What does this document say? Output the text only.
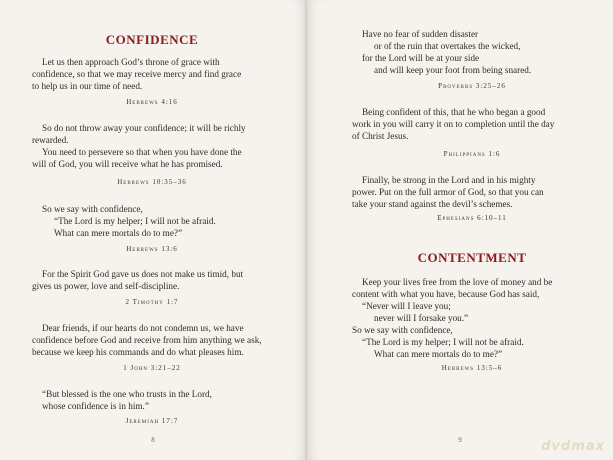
CONFIDENCE
Let us then approach God’s throne of grace with
confidence, so that we may receive mercy and find grace
to help us in our time of need.
Hebrews 4:16
So do not throw away your confidence; it will be richly
rewarded.
You need to persevere so that when you have done the
will of God, you will receive what he has promised.
Hebrews 10:35–36
So we say with confidence,
“The Lord is my helper; I will not be afraid.
What can mere mortals do to me?”
Hebrews 13:6
For the Spirit God gave us does not make us timid, but
gives us power, love and self-discipline.
2 Timothy 1:7
Dear friends, if our hearts do not condemn us, we have
confidence before God and receive from him anything we ask,
because we keep his commands and do what pleases him.
1 John 3:21–22
“But blessed is the one who trusts in the Lord,
whose confidence is in him.”
Jeremiah 17:7
8
Have no fear of sudden disaster
or of the ruin that overtakes the wicked,
for the Lord will be at your side
and will keep your foot from being snared.
Proverbs 3:25–26
Being confident of this, that he who began a good
work in you will carry it on to completion until the day
of Christ Jesus.
Philippians 1:6
Finally, be strong in the Lord and in his mighty
power. Put on the full armor of God, so that you can
take your stand against the devil’s schemes.
Ephesians 6:10–11
CONTENTMENT
Keep your lives free from the love of money and be
content with what you have, because God has said,
“Never will I leave you;
never will I forsake you.”
So we say with confidence,
“The Lord is my helper; I will not be afraid.
What can mere mortals do to me?”
Hebrews 13:5–6
9	dvdmax
